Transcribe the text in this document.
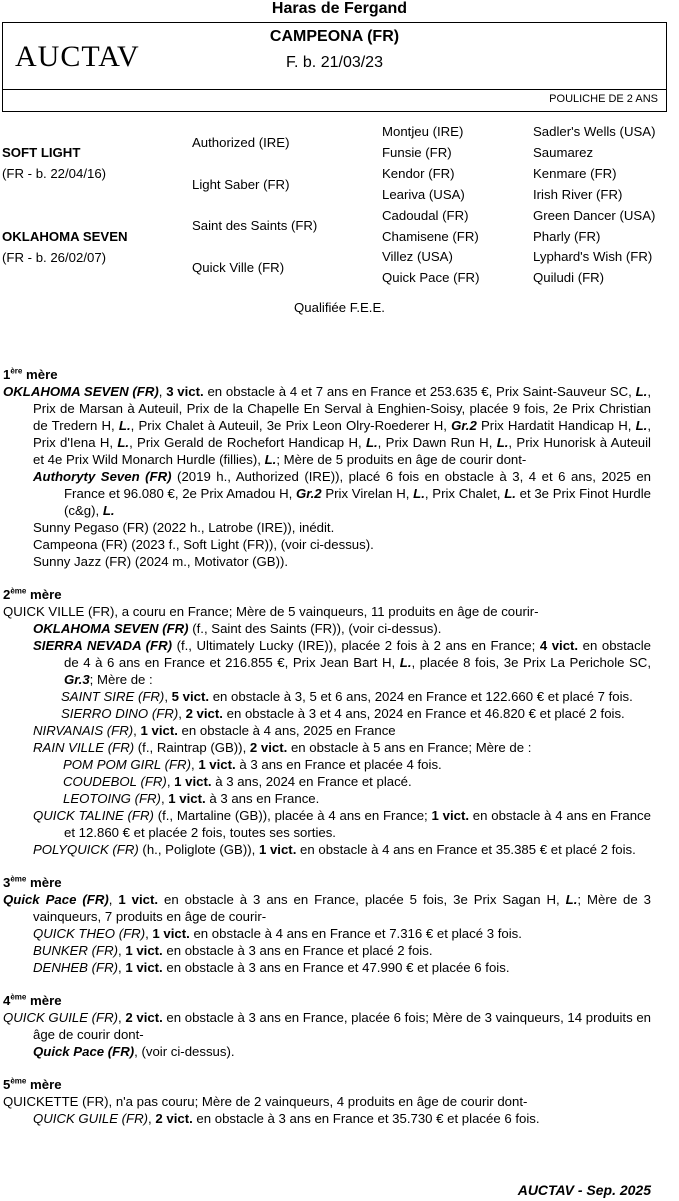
Haras de Fergand
AUCTAV
CAMPEONA (FR)
F. b. 21/03/23
POULICHE DE 2 ANS
SOFT LIGHT
(FR - b. 22/04/16)
OKLAHOMA SEVEN
(FR - b. 26/02/07)
Authorized (IRE)
Light Saber (FR)
Saint des Saints (FR)
Quick Ville (FR)
Montjeu (IRE)
Funsie (FR)
Kendor (FR)
Leariva (USA)
Cadoudal (FR)
Chamisene (FR)
Villez (USA)
Quick Pace (FR)
Sadler's Wells (USA)
Saumarez
Kenmare (FR)
Irish River (FR)
Green Dancer (USA)
Pharly (FR)
Lyphard's Wish (FR)
Quiludi (FR)
Qualifiée F.E.E.
1ère mère
OKLAHOMA SEVEN (FR), 3 vict. en obstacle à 4 et 7 ans en France et 253.635 €, Prix Saint-Sauveur SC, L., Prix de Marsan à Auteuil, Prix de la Chapelle En Serval à Enghien-Soisy, placée 9 fois, 2e Prix Christian de Tredern H, L., Prix Chalet à Auteuil, 3e Prix Leon Olry-Roederer H, Gr.2 Prix Hardatit Handicap H, L., Prix d'Iena H, L., Prix Gerald de Rochefort Handicap H, L., Prix Dawn Run H, L., Prix Hunorisk à Auteuil et 4e Prix Wild Monarch Hurdle (fillies), L.; Mère de 5 produits en âge de courir dont-
Authoryty Seven (FR) (2019 h., Authorized (IRE)), placé 6 fois en obstacle à 3, 4 et 6 ans, 2025 en France et 96.080 €, 2e Prix Amadou H, Gr.2 Prix Virelan H, L., Prix Chalet, L. et 3e Prix Finot Hurdle (c&g), L.
Sunny Pegaso (FR) (2022 h., Latrobe (IRE)), inédit.
Campeona (FR) (2023 f., Soft Light (FR)), (voir ci-dessus).
Sunny Jazz (FR) (2024 m., Motivator (GB)).
2ème mère
QUICK VILLE (FR), a couru en France; Mère de 5 vainqueurs, 11 produits en âge de courir-
OKLAHOMA SEVEN (FR) (f., Saint des Saints (FR)), (voir ci-dessus).
SIERRA NEVADA (FR) (f., Ultimately Lucky (IRE)), placée 2 fois à 2 ans en France; 4 vict. en obstacle de 4 à 6 ans en France et 216.855 €, Prix Jean Bart H, L., placée 8 fois, 3e Prix La Perichole SC, Gr.3; Mère de :
SAINT SIRE (FR), 5 vict. en obstacle à 3, 5 et 6 ans, 2024 en France et 122.660 € et placé 7 fois.
SIERRO DINO (FR), 2 vict. en obstacle à 3 et 4 ans, 2024 en France et 46.820 € et placé 2 fois.
NIRVANAIS (FR), 1 vict. en obstacle à 4 ans, 2025 en France
RAIN VILLE (FR) (f., Raintrap (GB)), 2 vict. en obstacle à 5 ans en France; Mère de :
POM POM GIRL (FR), 1 vict. à 3 ans en France et placée 4 fois.
COUDEBOL (FR), 1 vict. à 3 ans, 2024 en France et placé.
LEOTOING (FR), 1 vict. à 3 ans en France.
QUICK TALINE (FR) (f., Martaline (GB)), placée à 4 ans en France; 1 vict. en obstacle à 4 ans en France et 12.860 € et placée 2 fois, toutes ses sorties.
POLYQUICK (FR) (h., Poliglote (GB)), 1 vict. en obstacle à 4 ans en France et 35.385 € et placé 2 fois.
3ème mère
Quick Pace (FR), 1 vict. en obstacle à 3 ans en France, placée 5 fois, 3e Prix Sagan H, L.; Mère de 3 vainqueurs, 7 produits en âge de courir-
QUICK THEO (FR), 1 vict. en obstacle à 4 ans en France et 7.316 € et placé 3 fois.
BUNKER (FR), 1 vict. en obstacle à 3 ans en France et placé 2 fois.
DENHEB (FR), 1 vict. en obstacle à 3 ans en France et 47.990 € et placée 6 fois.
4ème mère
QUICK GUILE (FR), 2 vict. en obstacle à 3 ans en France, placée 6 fois; Mère de 3 vainqueurs, 14 produits en âge de courir dont-
Quick Pace (FR), (voir ci-dessus).
5ème mère
QUICKETTE (FR), n'a pas couru; Mère de 2 vainqueurs, 4 produits en âge de courir dont-
QUICK GUILE (FR), 2 vict. en obstacle à 3 ans en France et 35.730 € et placée 6 fois.
AUCTAV - Sep. 2025
